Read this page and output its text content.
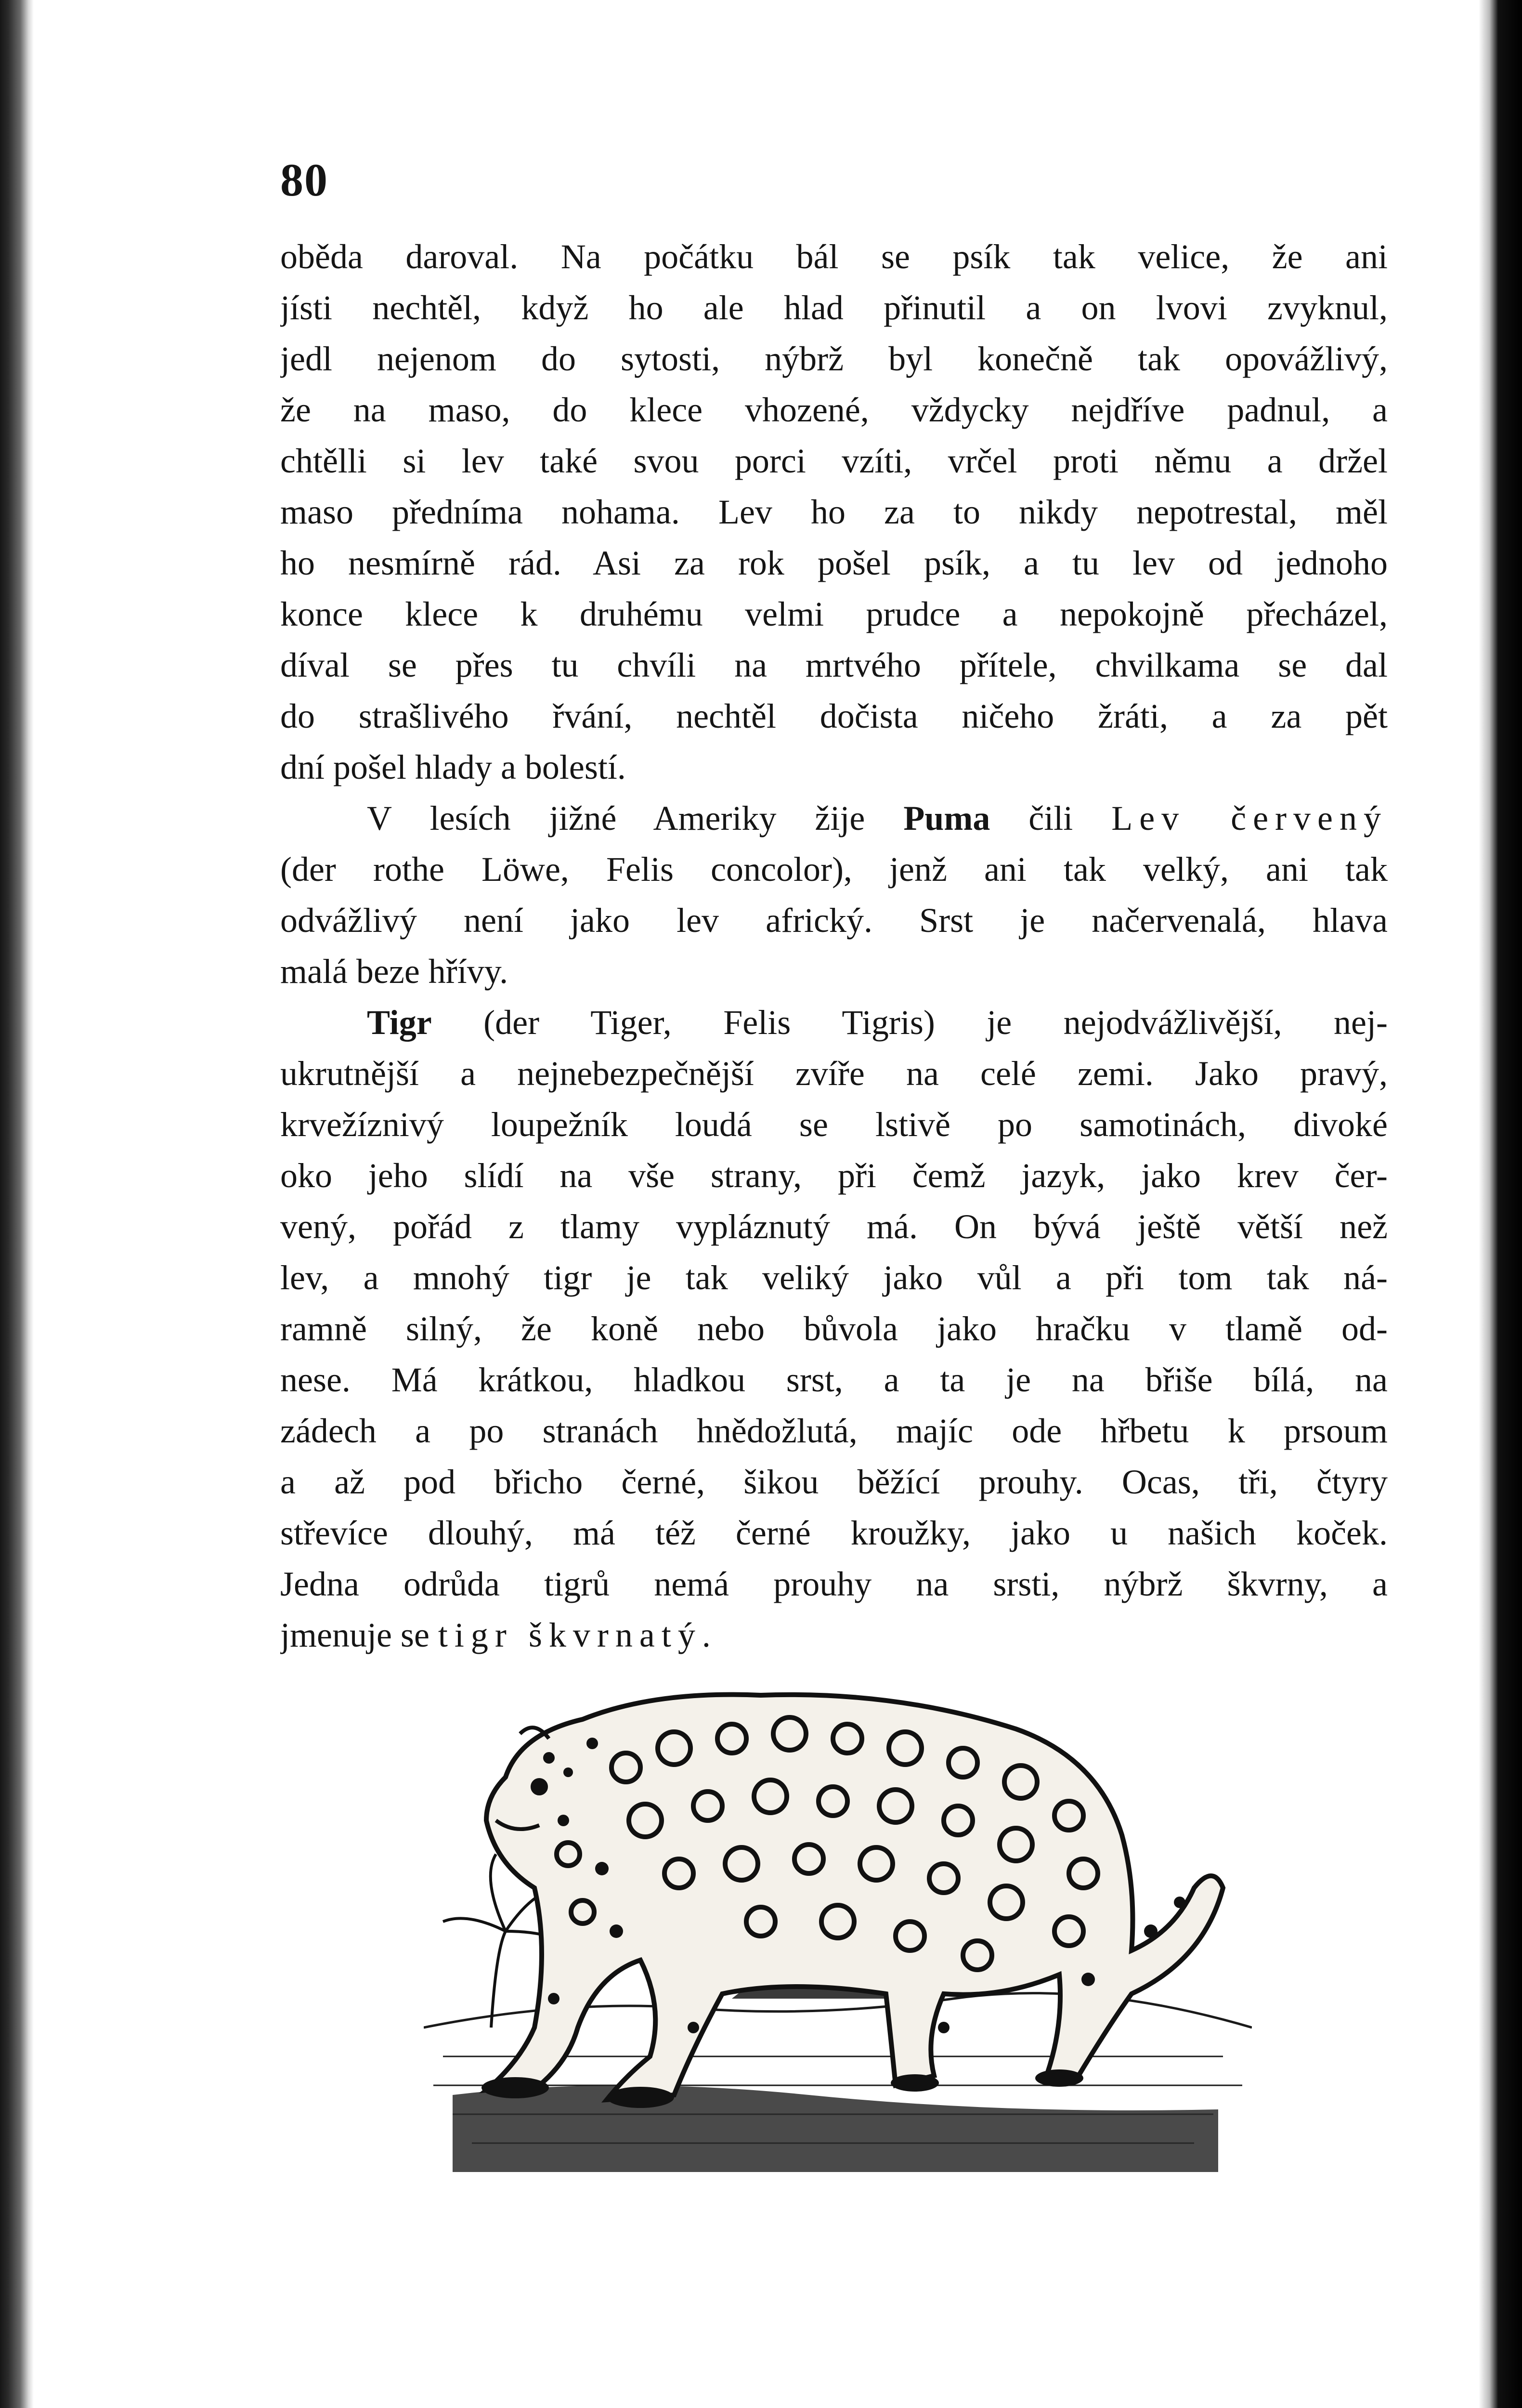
80
oběda daroval. Na počátku bál se psík tak velice, že ani
jísti nechtěl, když ho ale hlad přinutil a on lvovi zvyknul,
jedl nejenom do sytosti, nýbrž byl konečně tak opovážlivý,
že na maso, do klece vhozené, vždycky nejdříve padnul, a
chtělli si lev také svou porci vzíti, vrčel proti němu a držel
maso předníma nohama. Lev ho za to nikdy nepotrestal, měl
ho nesmírně rád. Asi za rok pošel psík, a tu lev od jednoho
konce klece k druhému velmi prudce a nepokojně přecházel,
díval se přes tu chvíli na mrtvého přítele, chvilkama se dal
do strašlivého řvání, nechtěl dočista ničeho žráti, a za pět
dní pošel hlady a bolestí.
V lesích jižné Ameriky žije Puma čili Lev červený
(der rothe Löwe, Felis concolor), jenž ani tak velký, ani tak
odvážlivý není jako lev africký. Srst je načervenalá, hlava
malá beze hřívy.
Tigr (der Tiger, Felis Tigris) je nejodvážlivější, nej-
ukrutnější a nejnebezpečnější zvíře na celé zemi. Jako pravý,
krvežíznivý loupežník loudá se lstivě po samotinách, divoké
oko jeho slídí na vše strany, při čemž jazyk, jako krev čer-
vený, pořád z tlamy vypláznutý má. On bývá ještě větší než
lev, a mnohý tigr je tak veliký jako vůl a při tom tak ná-
ramně silný, že koně nebo bůvola jako hračku v tlamě od-
nese. Má krátkou, hladkou srst, a ta je na břiše bílá, na
zádech a po stranách hnědožlutá, majíc ode hřbetu k prsoum
a až pod břicho černé, šikou běžící prouhy. Ocas, tři, čtyry
střevíce dlouhý, má též černé kroužky, jako u našich koček.
Jedna odrůda tigrů nemá prouhy na srsti, nýbrž škvrny, a
jmenuje se tigr škvrnatý.
